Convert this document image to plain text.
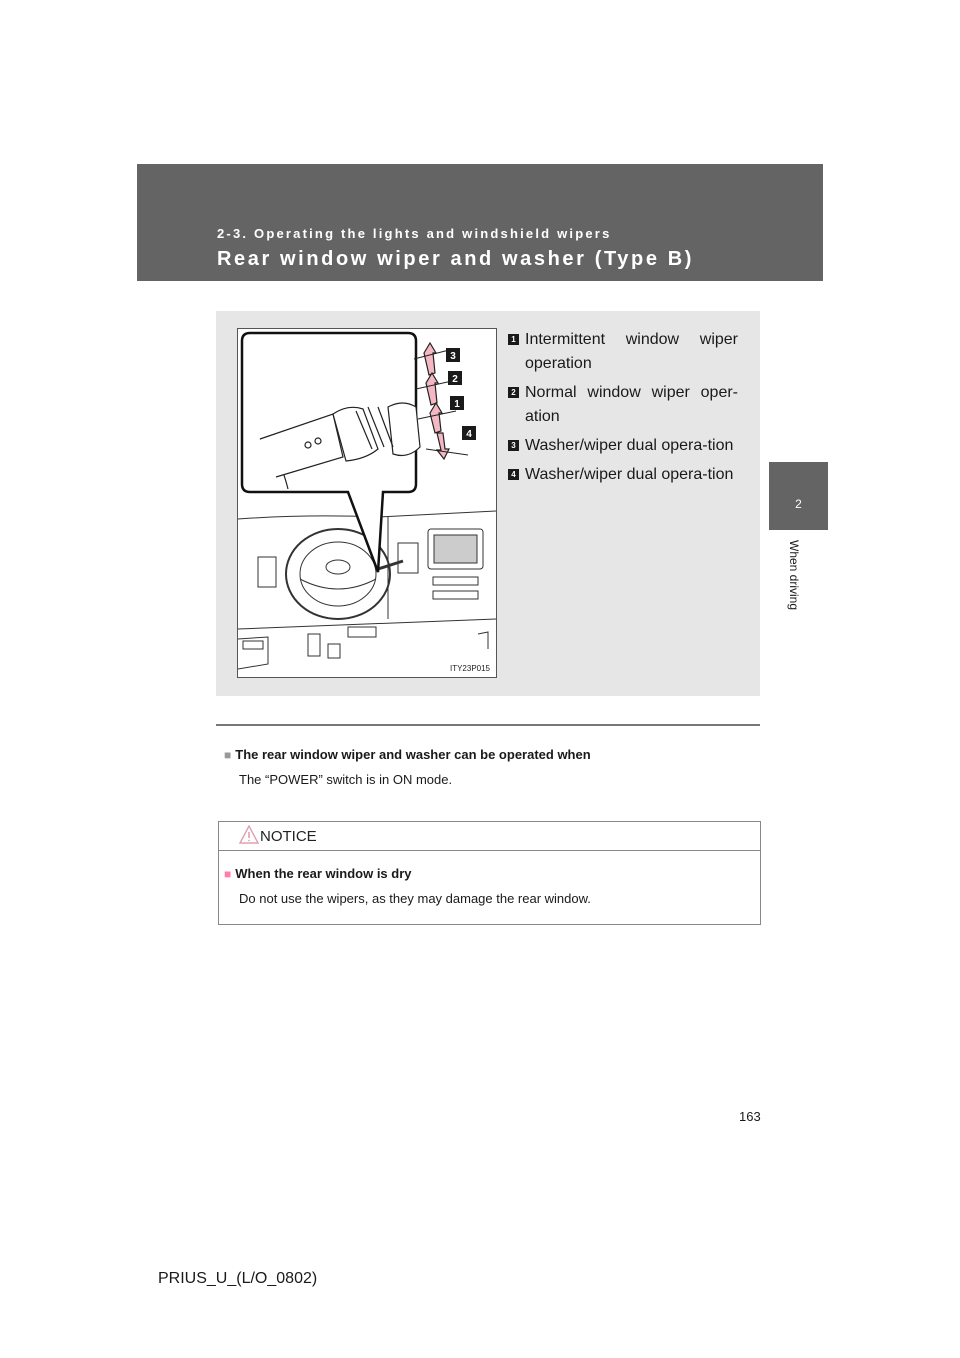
2-3. Operating the lights and windshield wipers
Rear window wiper and washer (Type B)
2
When driving
3
2
1
4
ITY23P015
1 Intermittent window wiper operation
2 Normal window wiper oper-ation
3 Washer/wiper dual opera-tion
4 Washer/wiper dual opera-tion
■ The rear window wiper and washer can be operated when
The “POWER” switch is in ON mode.
NOTICE
■ When the rear window is dry
Do not use the wipers, as they may damage the rear window.
163
PRIUS_U_(L/O_0802)
